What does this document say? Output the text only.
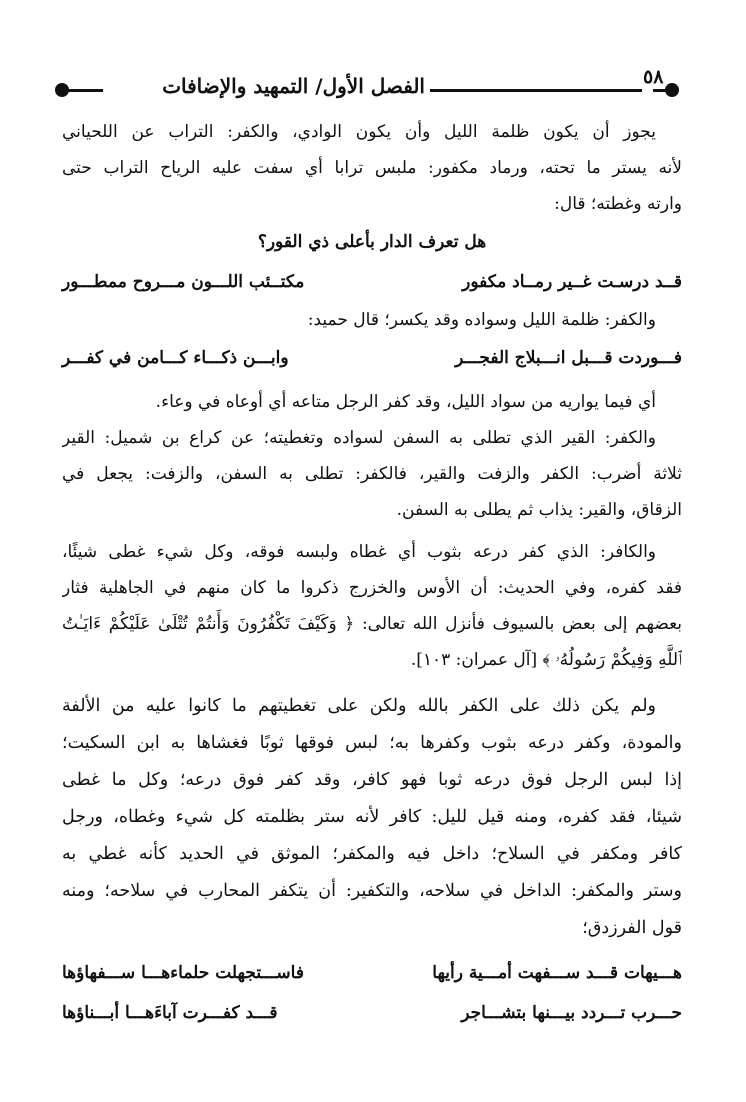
الفصل الأول/ التمهيد والإضافات	٥٨
يجوز أن يكون ظلمة الليل وأن يكون الوادي، والكفر: التراب عن اللحياني
لأنه يستر ما تحته، ورماد مكفور: ملبس ترابا أي سفت عليه الرياح التراب حتى
وارته وغطته؛ قال:
هل تعرف الدار بأعلى ذي القور؟
قــد درسـت غــير رمــاد مكفور
مكتــئب اللـــون مـــروح ممطـــور
والكفر: ظلمة الليل وسواده وقد يكسر؛ قال حميد:
فـــوردت قـــبل انـــبلاج الفجـــر
وابـــن ذكـــاء كـــامن في كفـــر
أي فيما يواريه من سواد الليل، وقد كفر الرجل متاعه أي أوعاه في وعاء.
والكفر: القير الذي تطلى به السفن لسواده وتغطيته؛ عن كراع بن شميل: القير
ثلاثة أضرب: الكفر والزفت والقير، فالكفر: تطلى به السفن، والزفت: يجعل في
الزقاق، والقير: يذاب ثم يطلى به السفن.
والكافر: الذي كفر درعه بثوب أي غطاه ولبسه فوقه، وكل شيء غطى شيئًا،
فقد كفره، وفي الحديث: أن الأوس والخزرج ذكروا ما كان منهم في الجاهلية فثار
بعضهم إلى بعض بالسيوف فأنزل الله تعالى: ﴿ وَكَيْفَ تَكْفُرُونَ وَأَنتُمْ تُتْلَىٰ عَلَيْكُمْ ءَايَـٰتُ
ٱللَّهِ وَفِيكُمْ رَسُولُهُۥ ﴾ [آل عمران: ١٠٣].
ولم يكن ذلك على الكفر بالله ولكن على تغطيتهم ما كانوا عليه من الألفة
والمودة، وكفر درعه بثوب وكفرها به؛ لبس فوقها ثوبًا فغشاها به ابن السكيت؛
إذا لبس الرجل فوق درعه ثوبا فهو كافر، وقد كفر فوق درعه؛ وكل ما غطى
شيئا، فقد كفره، ومنه قيل لليل: كافر لأنه ستر بظلمته كل شيء وغطاه، ورجل
كافر ومكفر في السلاح؛ داخل فيه والمكفر؛ الموثق في الحديد كأنه غطي به
وستر والمكفر: الداخل في سلاحه، والتكفير: أن يتكفر المحارب في سلاحه؛ ومنه
قول الفرزدق؛
هـــيهات قـــد ســـفهت أمـــية رأيها
فاســـتجهلت حلماءهـــا ســـفهاؤها
حـــرب تـــردد بيـــنها بتشـــاجر
قـــد كفـــرت آباءَهـــا أبـــناؤها
